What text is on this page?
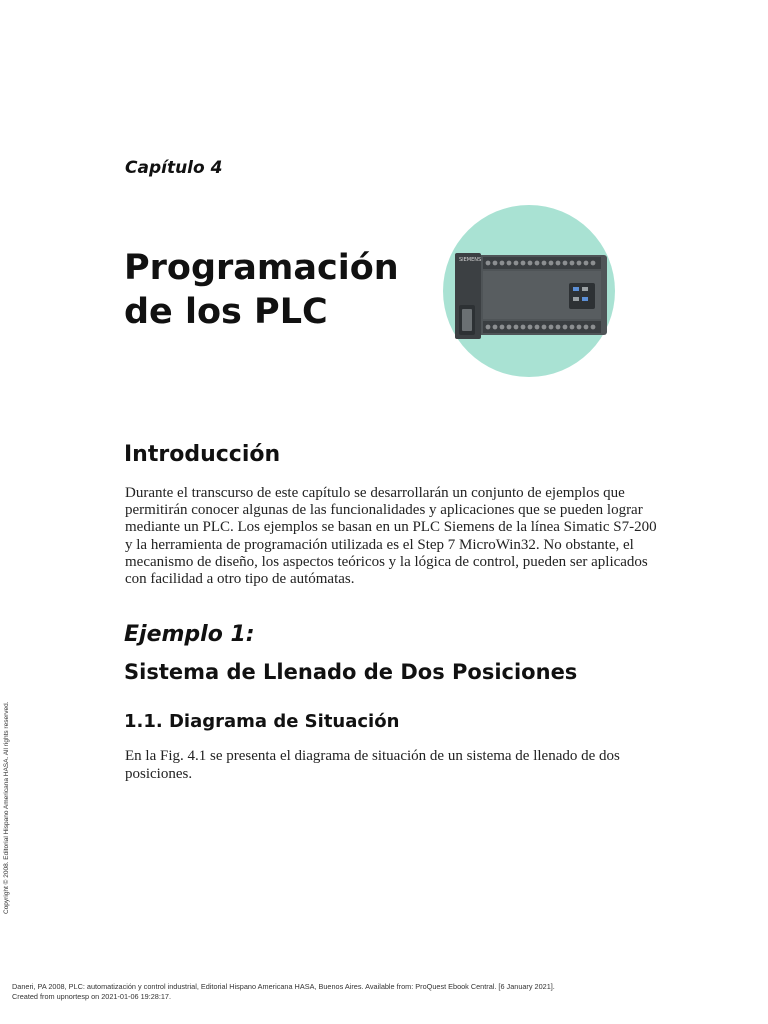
Capítulo 4
Programación
de los PLC
SIEMENS
Introducción
Durante el transcurso de este capítulo se desarrollarán un conjunto de ejemplos que permitirán conocer algunas de las funcionalidades y aplicaciones que se pueden lograr mediante un PLC. Los ejemplos se basan en un PLC Siemens de la línea Simatic S7-200 y la herramienta de programación utilizada es el Step 7 MicroWin32. No obstante, el mecanismo de diseño, los aspectos teóricos y la lógica de control, pueden ser aplicados con facilidad a otro tipo de autómatas.
Ejemplo 1:
Sistema de Llenado de Dos Posiciones
1.1. Diagrama de Situación
En la Fig. 4.1 se presenta el diagrama de situación de un sistema de llenado de dos posiciones.
Copyright © 2008. Editorial Hispano Americana HASA. All rights reserved.
Daneri, PA 2008, PLC: automatización y control industrial, Editorial Hispano Americana HASA, Buenos Aires. Available from: ProQuest Ebook Central. [6 January 2021].
Created from upnortesp on 2021-01-06 19:28:17.
